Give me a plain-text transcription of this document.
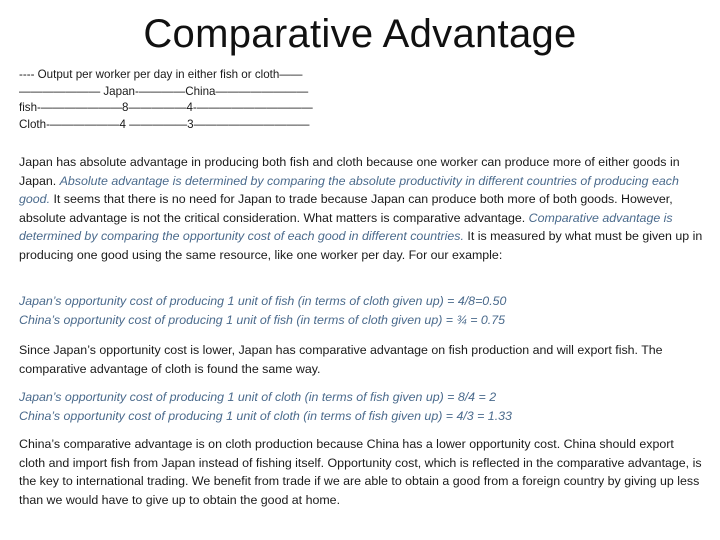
Comparative Advantage
---- Output per worker per day in either fish or cloth——
——————— Japan-————China————————
fish-———————8—————4-——————————
Cloth-——————4 —————3——————————

Japan has absolute advantage in producing both fish and cloth because one worker can produce more of either goods in Japan. Absolute advantage is determined by comparing the absolute productivity in different countries of producing each good. It seems that there is no need for Japan to trade because Japan can produce both more of both goods. However, absolute advantage is not the critical consideration. What matters is comparative advantage. Comparative advantage is determined by comparing the opportunity cost of each good in different countries. It is measured by what must be given up in producing one good using the same resource, like one worker per day. For our example:

Japan’s opportunity cost of producing 1 unit of fish (in terms of cloth given up) = 4/8=0.50

China’s opportunity cost of producing 1 unit of fish (in terms of cloth given up) = ¾ = 0.75

Since Japan’s opportunity cost is lower, Japan has comparative advantage on fish production and will export fish. The comparative advantage of cloth is found the same way.

Japan’s opportunity cost of producing 1 unit of cloth (in terms of fish given up) = 8/4 = 2

China’s opportunity cost of producing 1 unit of cloth (in terms of fish given up) = 4/3 = 1.33

China’s comparative advantage is on cloth production because China has a lower opportunity cost. China should export cloth and import fish from Japan instead of fishing itself. Opportunity cost, which is reflected in the comparative advantage, is the key to international trading. We benefit from trade if we are able to obtain a good from a foreign country by giving up less than we would have to give up to obtain the good at home.
